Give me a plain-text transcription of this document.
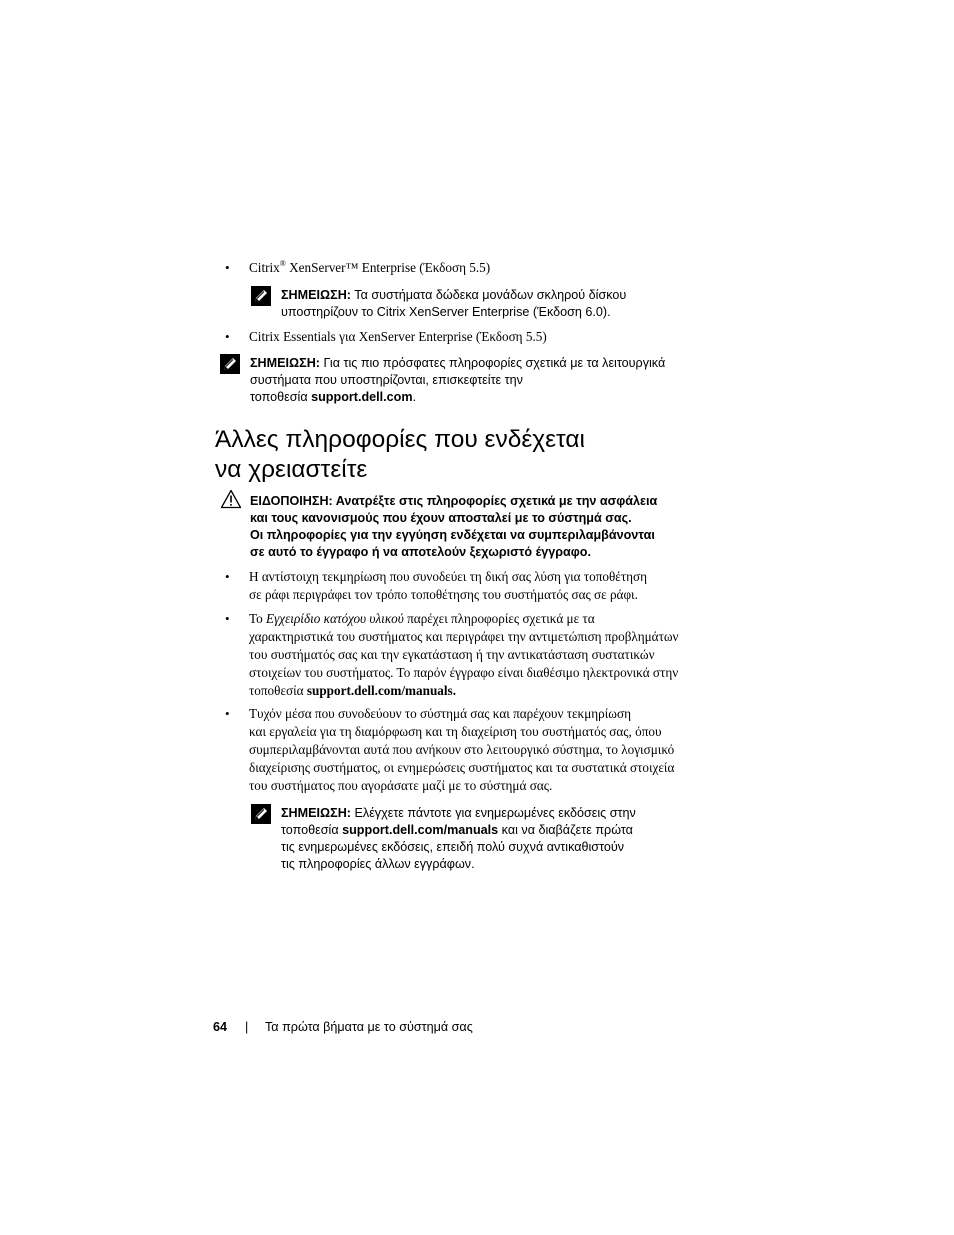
• Citrix® XenServer™ Enterprise (Έκδοση 5.5)
ΣΗΜΕΙΩΣΗ: Τα συστήματα δώδεκα μονάδων σκληρού δίσκου
υποστηρίζουν το Citrix XenServer Enterprise (Έκδοση 6.0).
• Citrix Essentials για XenServer Enterprise (Έκδοση 5.5)
ΣΗΜΕΙΩΣΗ: Για τις πιο πρόσφατες πληροφορίες σχετικά με τα λειτουργικά
συστήματα που υποστηρίζονται, επισκεφτείτε την
τοποθεσία support.dell.com.
Άλλες πληροφορίες που ενδέχεται
να χρειαστείτε
ΕΙΔΟΠΟΙΗΣΗ: Ανατρέξτε στις πληροφορίες σχετικά με την ασφάλεια
και τους κανονισμούς που έχουν αποσταλεί με το σύστημά σας.
Οι πληροφορίες για την εγγύηση ενδέχεται να συμπεριλαμβάνονται
σε αυτό το έγγραφο ή να αποτελούν ξεχωριστό έγγραφο.
• Η αντίστοιχη τεκμηρίωση που συνοδεύει τη δική σας λύση για τοποθέτηση
σε ράφι περιγράφει τον τρόπο τοποθέτησης του συστήματός σας σε ράφι.
• Το Εγχειρίδιο κατόχου υλικού παρέχει πληροφορίες σχετικά με τα
χαρακτηριστικά του συστήματος και περιγράφει την αντιμετώπιση προβλημάτων
του συστήματός σας και την εγκατάσταση ή την αντικατάσταση συστατικών
στοιχείων του συστήματος. Το παρόν έγγραφο είναι διαθέσιμο ηλεκτρονικά στην
τοποθεσία support.dell.com/manuals.
• Τυχόν μέσα που συνοδεύουν το σύστημά σας και παρέχουν τεκμηρίωση
και εργαλεία για τη διαμόρφωση και τη διαχείριση του συστήματός σας, όπου
συμπεριλαμβάνονται αυτά που ανήκουν στο λειτουργικό σύστημα, το λογισμικό
διαχείρισης συστήματος, οι ενημερώσεις συστήματος και τα συστατικά στοιχεία
του συστήματος που αγοράσατε μαζί με το σύστημά σας.
ΣΗΜΕΙΩΣΗ: Ελέγχετε πάντοτε για ενημερωμένες εκδόσεις στην
τοποθεσία support.dell.com/manuals και να διαβάζετε πρώτα
τις ενημερωμένες εκδόσεις, επειδή πολύ συχνά αντικαθιστούν
τις πληροφορίες άλλων εγγράφων.
64 | Τα πρώτα βήματα με το σύστημά σας
